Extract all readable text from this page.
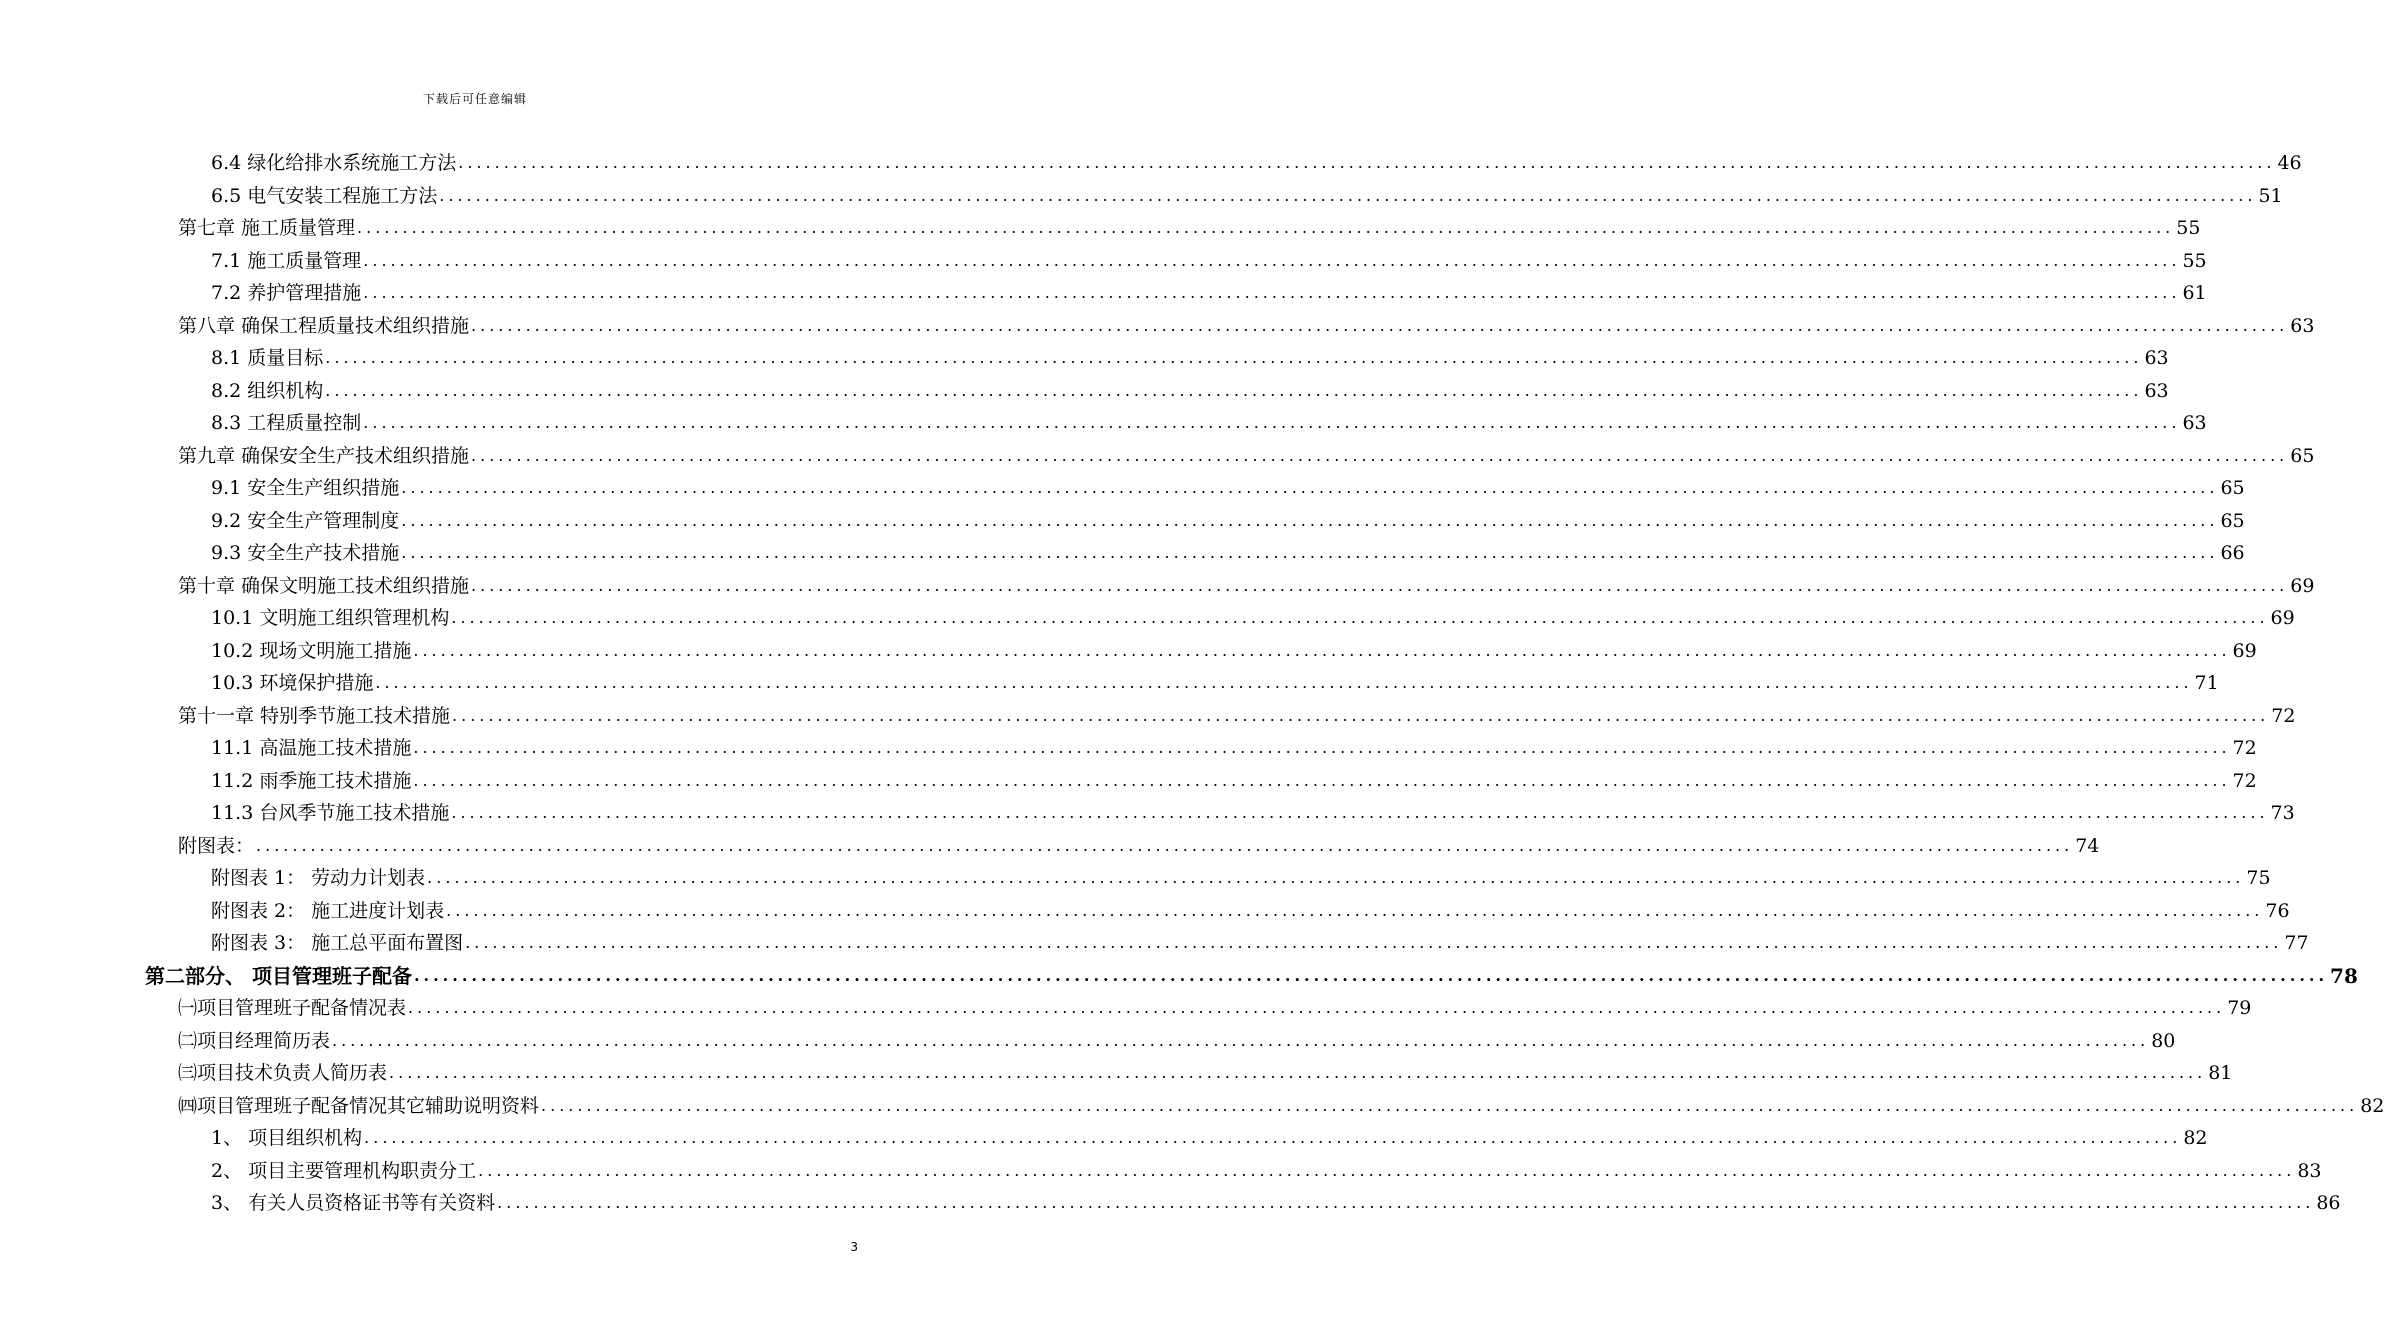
下载后可任意编辑
6.4 绿化给排水系统施工方法 ........................................................................................................................................................................................................ 46
6.5 电气安装工程施工方法 ........................................................................................................................................................................................................ 51
第七章 施工质量管理 ........................................................................................................................................................................................................ 55
7.1 施工质量管理 ........................................................................................................................................................................................................ 55
7.2 养护管理措施 ........................................................................................................................................................................................................ 61
第八章 确保工程质量技术组织措施 ........................................................................................................................................................................................................ 63
8.1 质量目标 ........................................................................................................................................................................................................ 63
8.2 组织机构 ........................................................................................................................................................................................................ 63
8.3 工程质量控制 ........................................................................................................................................................................................................ 63
第九章 确保安全生产技术组织措施 ........................................................................................................................................................................................................ 65
9.1 安全生产组织措施 ........................................................................................................................................................................................................ 65
9.2 安全生产管理制度 ........................................................................................................................................................................................................ 65
9.3 安全生产技术措施 ........................................................................................................................................................................................................ 66
第十章 确保文明施工技术组织措施 ........................................................................................................................................................................................................ 69
10.1 文明施工组织管理机构 ........................................................................................................................................................................................................ 69
10.2 现场文明施工措施 ........................................................................................................................................................................................................ 69
10.3 环境保护措施 ........................................................................................................................................................................................................ 71
第十一章 特别季节施工技术措施 ........................................................................................................................................................................................................ 72
11.1 高温施工技术措施 ........................................................................................................................................................................................................ 72
11.2 雨季施工技术措施 ........................................................................................................................................................................................................ 72
11.3 台风季节施工技术措施 ........................................................................................................................................................................................................ 73
附图表： ........................................................................................................................................................................................................ 74
附图表 1： 劳动力计划表 ........................................................................................................................................................................................................ 75
附图表 2： 施工进度计划表 ........................................................................................................................................................................................................ 76
附图表 3： 施工总平面布置图 ........................................................................................................................................................................................................ 77
第二部分、 项目管理班子配备 ........................................................................................................................................................................................................ 78
㈠项目管理班子配备情况表 ........................................................................................................................................................................................................ 79
㈡项目经理简历表 ........................................................................................................................................................................................................ 80
㈢项目技术负责人简历表 ........................................................................................................................................................................................................ 81
㈣项目管理班子配备情况其它辅助说明资料 ........................................................................................................................................................................................................ 82
1、 项目组织机构 ........................................................................................................................................................................................................ 82
2、 项目主要管理机构职责分工 ........................................................................................................................................................................................................ 83
3、 有关人员资格证书等有关资料 ........................................................................................................................................................................................................ 86
3
